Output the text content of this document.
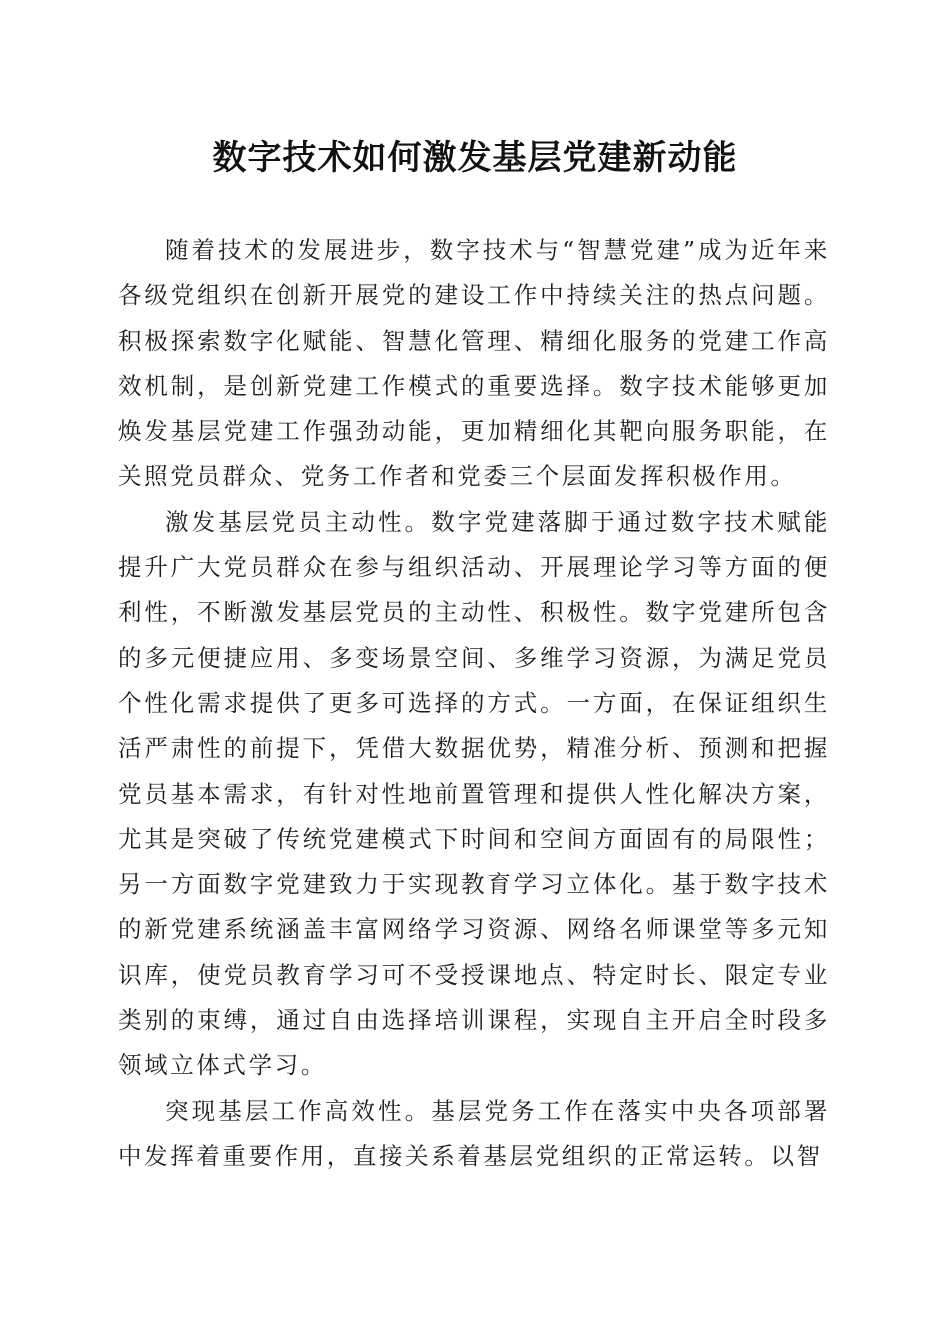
数字技术如何激发基层党建新动能

随着技术的发展进步，数字技术与“智慧党建”成为近年来各级党组织在创新开展党的建设工作中持续关注的热点问题。积极探索数字化赋能、智慧化管理、精细化服务的党建工作高效机制，是创新党建工作模式的重要选择。数字技术能够更加焕发基层党建工作强劲动能，更加精细化其靶向服务职能，在关照党员群众、党务工作者和党委三个层面发挥积极作用。

激发基层党员主动性。数字党建落脚于通过数字技术赋能提升广大党员群众在参与组织活动、开展理论学习等方面的便利性，不断激发基层党员的主动性、积极性。数字党建所包含的多元便捷应用、多变场景空间、多维学习资源，为满足党员个性化需求提供了更多可选择的方式。一方面，在保证组织生活严肃性的前提下，凭借大数据优势，精准分析、预测和把握党员基本需求，有针对性地前置管理和提供人性化解决方案，尤其是突破了传统党建模式下时间和空间方面固有的局限性；另一方面数字党建致力于实现教育学习立体化。基于数字技术的新党建系统涵盖丰富网络学习资源、网络名师课堂等多元知识库，使党员教育学习可不受授课地点、特定时长、限定专业类别的束缚，通过自由选择培训课程，实现自主开启全时段多领域立体式学习。

突现基层工作高效性。基层党务工作在落实中央各项部署中发挥着重要作用，直接关系着基层党组织的正常运转。以智
